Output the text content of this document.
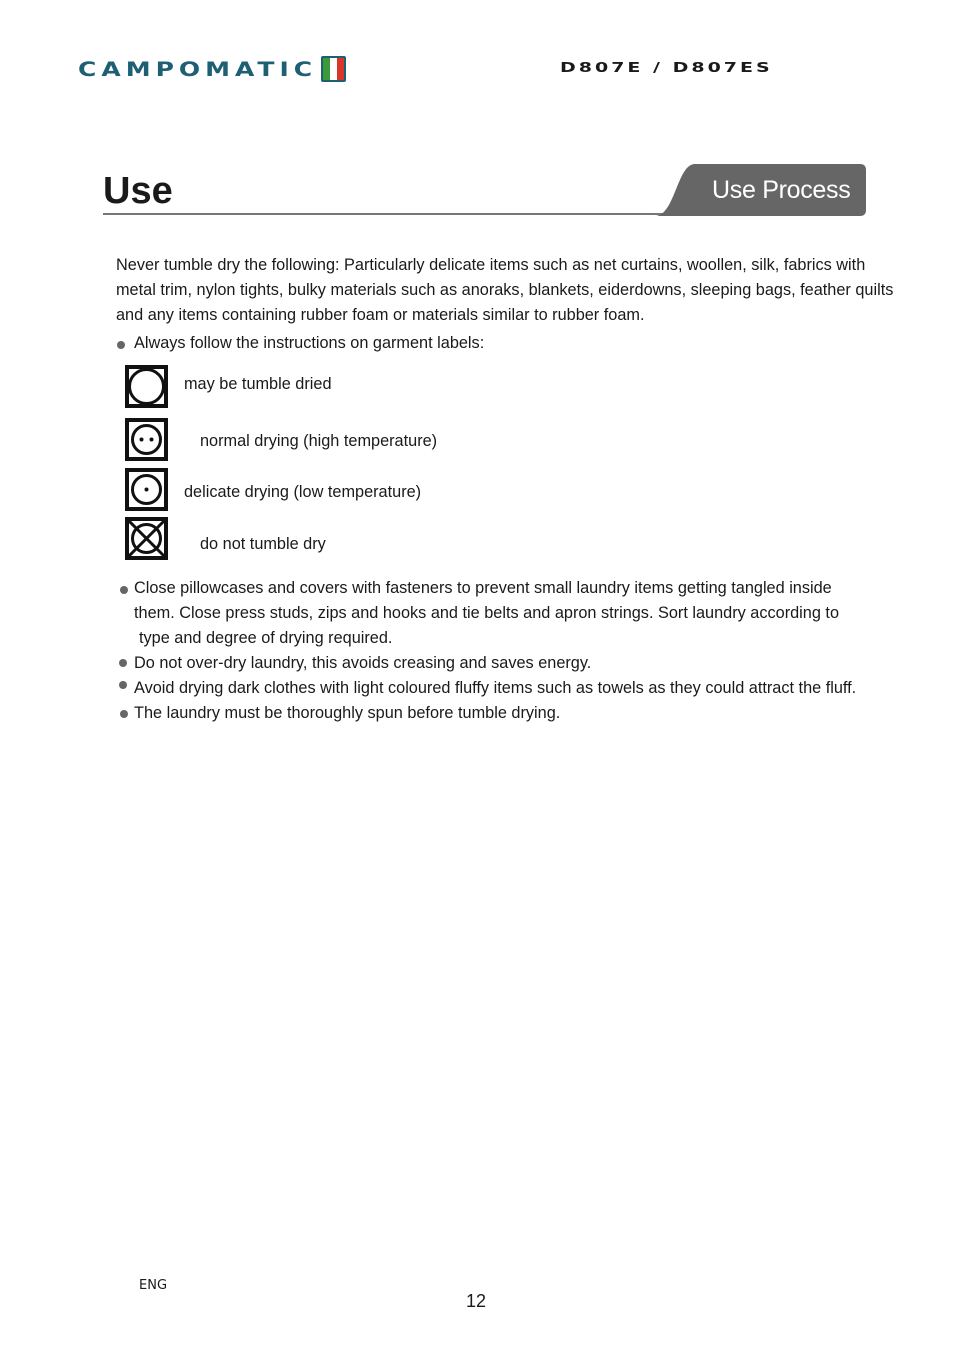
CAMPOMATIC	D807E / D807ES
Use	Use Process

Never tumble dry the following: Particularly delicate items such as net curtains, woollen, silk, fabrics with metal trim, nylon tights, bulky materials such as anoraks, blankets, eiderdowns, sleeping bags, feather quilts and any items containing rubber foam or materials similar to rubber foam.

Always follow the instructions on garment labels:
may be tumble dried
normal drying (high temperature)
delicate drying (low temperature)
do not tumble dry
Close pillowcases and covers with fasteners to prevent small laundry items getting tangled inside
them. Close press studs, zips and hooks and tie belts and apron strings. Sort laundry according to
type and degree of drying required.
Do not over-dry laundry, this avoids creasing and saves energy.
Avoid drying dark clothes with light coloured fluffy items such as towels as they could attract the fluff.
The laundry must be thoroughly spun before tumble drying.
ENG
12
